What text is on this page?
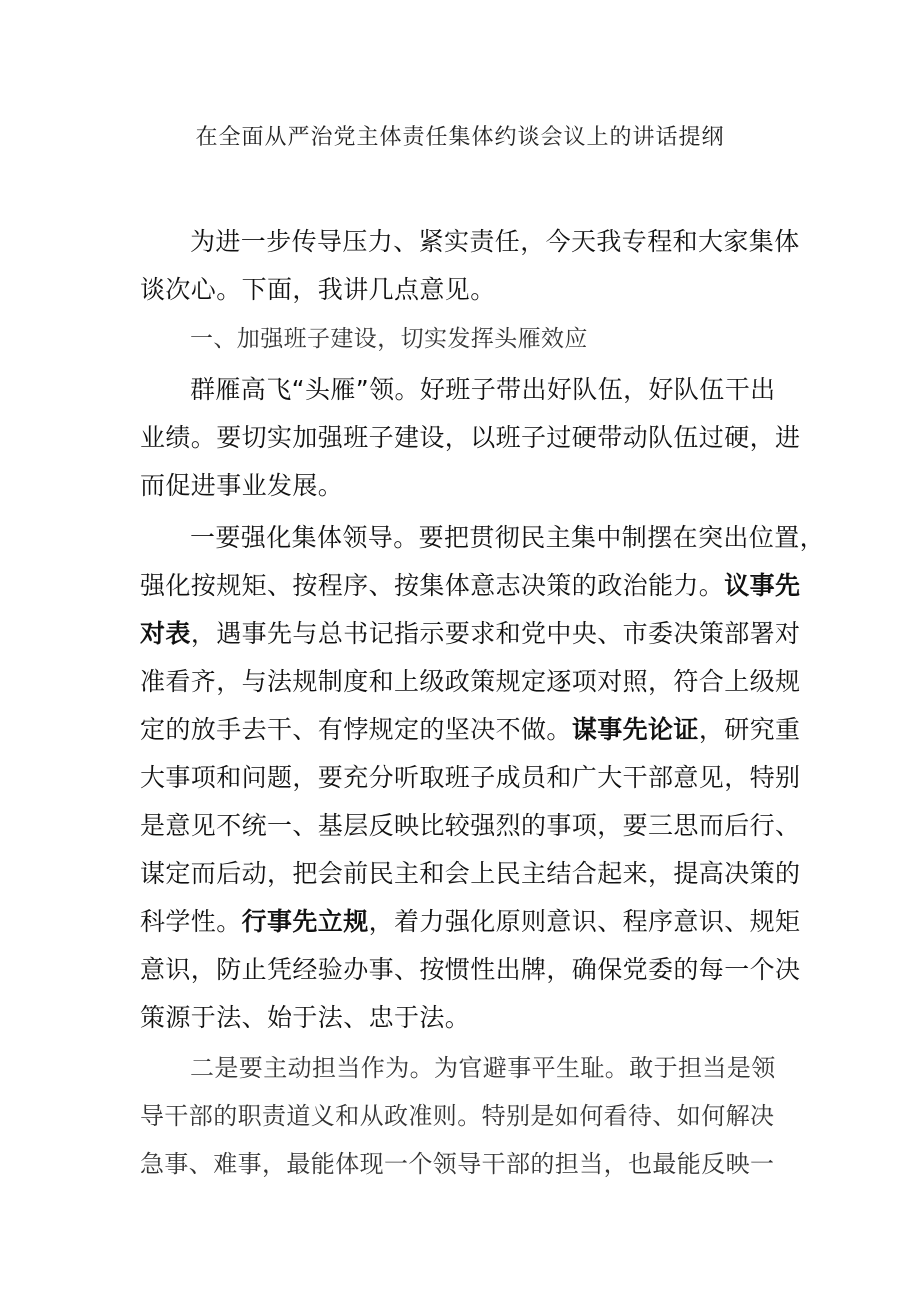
在全面从严治党主体责任集体约谈会议上的讲话提纲
为进一步传导压力、紧实责任，今天我专程和大家集体
谈次心。下面，我讲几点意见。
一、加强班子建设，切实发挥头雁效应
群雁高飞“头雁”领。好班子带出好队伍，好队伍干出
业绩。要切实加强班子建设，以班子过硬带动队伍过硬，进
而促进事业发展。
一要强化集体领导。要把贯彻民主集中制摆在突出位置，
强化按规矩、按程序、按集体意志决策的政治能力。议事先
对表，遇事先与总书记指示要求和党中央、市委决策部署对
准看齐，与法规制度和上级政策规定逐项对照，符合上级规
定的放手去干、有悖规定的坚决不做。谋事先论证，研究重
大事项和问题，要充分听取班子成员和广大干部意见，特别
是意见不统一、基层反映比较强烈的事项，要三思而后行、
谋定而后动，把会前民主和会上民主结合起来，提高决策的
科学性。行事先立规，着力强化原则意识、程序意识、规矩
意识，防止凭经验办事、按惯性出牌，确保党委的每一个决
策源于法、始于法、忠于法。
二是要主动担当作为。为官避事平生耻。敢于担当是领
导干部的职责道义和从政准则。特别是如何看待、如何解决
急事、难事，最能体现一个领导干部的担当，也最能反映一
